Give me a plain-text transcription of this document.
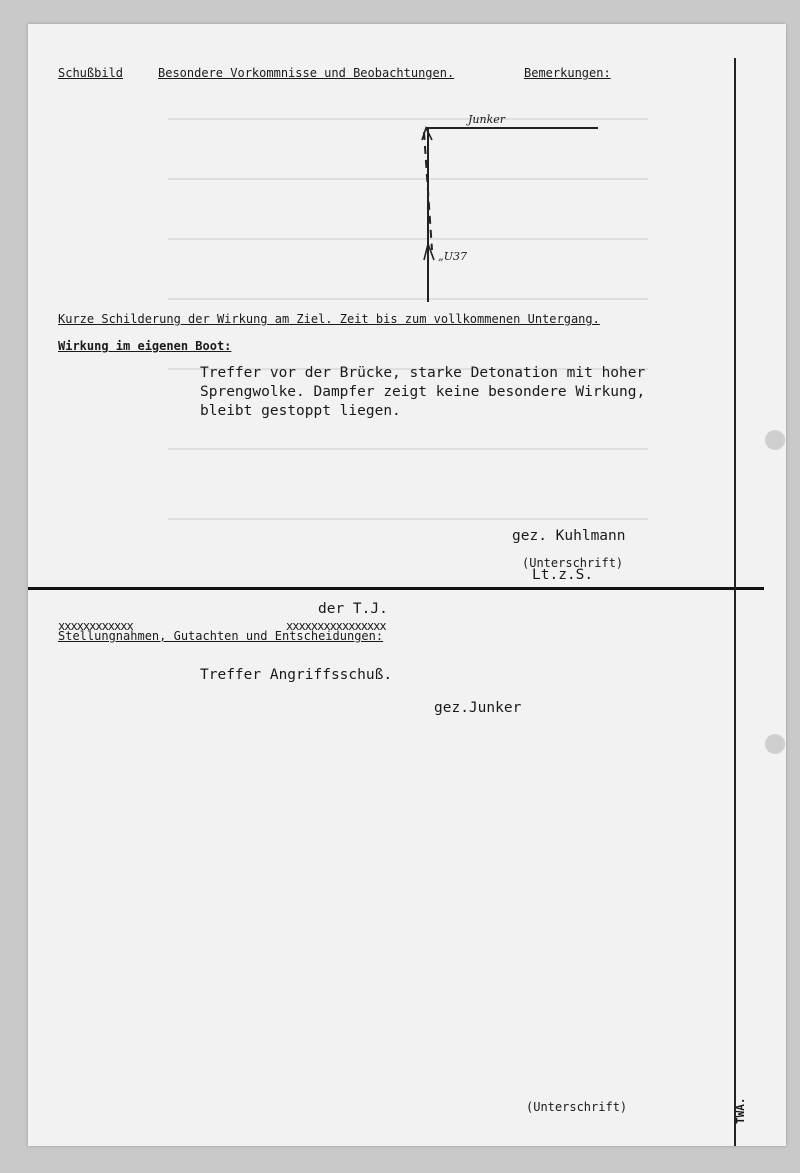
Schußbild	Besondere Vorkommnisse und Beobachtungen.	Bemerkungen:
Junker
„U37
Kurze Schilderung der Wirkung am Ziel. Zeit bis zum vollkommenen Untergang.
Wirkung im eigenen Boot:
Treffer vor der Brücke, starke Detonation mit hoher
Sprengwolke. Dampfer zeigt keine besondere Wirkung,
bleibt gestoppt liegen.
gez. Kuhlmann
(Unterschrift)
Lt.z.S.
der T.J.
xxxxxxxxxxxx	xxxxxxxxxxxxxxxx
Stellungnahmen, Gutachten und Entscheidungen:
Treffer Angriffsschuß.
gez.Junker
(Unterschrift)	TWA.
